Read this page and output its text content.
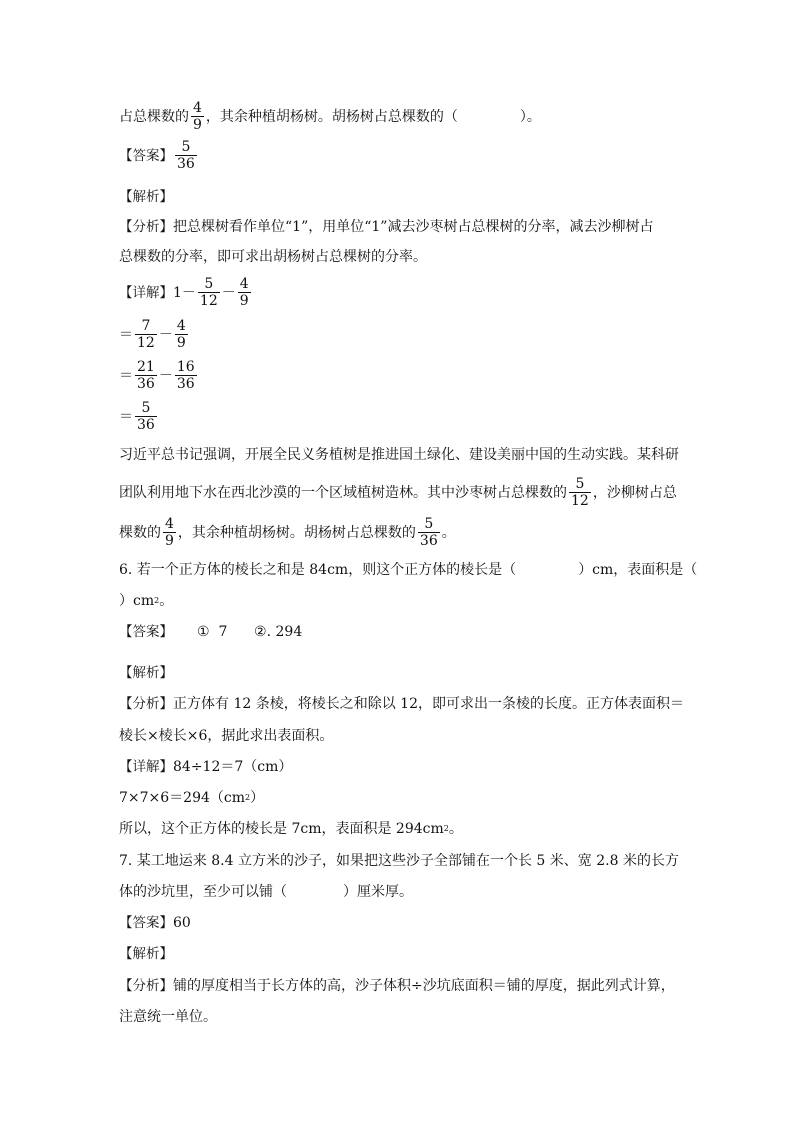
占总棵数的 $\frac{4}{9}$ ，其余种植胡杨树。胡杨树占总棵数的（	）。
【答案】 $\frac{5}{36}$
【解析】
【分析】 把总棵树看作单位“1”，用单位“1”减去沙枣树占总棵树的分率，减去沙柳树占
总棵数的分率，即可求出胡杨树占总棵树的分率。
【详解】 $1- \frac{5}{12} - \frac{4}{9}$
＝ $\frac{7}{12} - \frac{4}{9}$
＝ $\frac{21}{36} - \frac{16}{36}$
＝ $\frac{5}{36}$
习近平总书记强调，开展全民义务植树是推进国土绿化、建设美丽中国的生动实践。某科研
团队利用地下水在西北沙漠的一个区域植树造林。其中沙枣树占总棵数的 $\frac{5}{12}$ ，沙柳树占总
棵数的 $\frac{4}{9}$ ，其余种植胡杨树。胡杨树占总棵数的 $\frac{5}{36}$ 。
6. 若一个正方体的棱长之和是 84cm，则这个正方体的棱长是（	）cm，表面积是（
）cm 2 。
【答案】 ①  7      ②. 294
【解析】
【分析】 正方体有 12 条棱，将棱长之和除以 12，即可求出一条棱的长度。正方体表面积＝
棱长×棱长×6，据此求出表面积。
【详解】 84÷12＝7（cm）
7×7×6＝294（cm 2 ）
所以，这个正方体的棱长是 7cm，表面积是 294cm 2 。
7. 某工地运来 8.4 立方米的沙子，如果把这些沙子全部铺在一个长 5 米、宽 2.8 米的长方
体的沙坑里，至少可以铺（	）厘米厚。
【答案】 60
【解析】
【分析】 铺的厚度相当于长方体的高，沙子体积÷沙坑底面积＝铺的厚度，据此列式计算，
注意统一单位。
